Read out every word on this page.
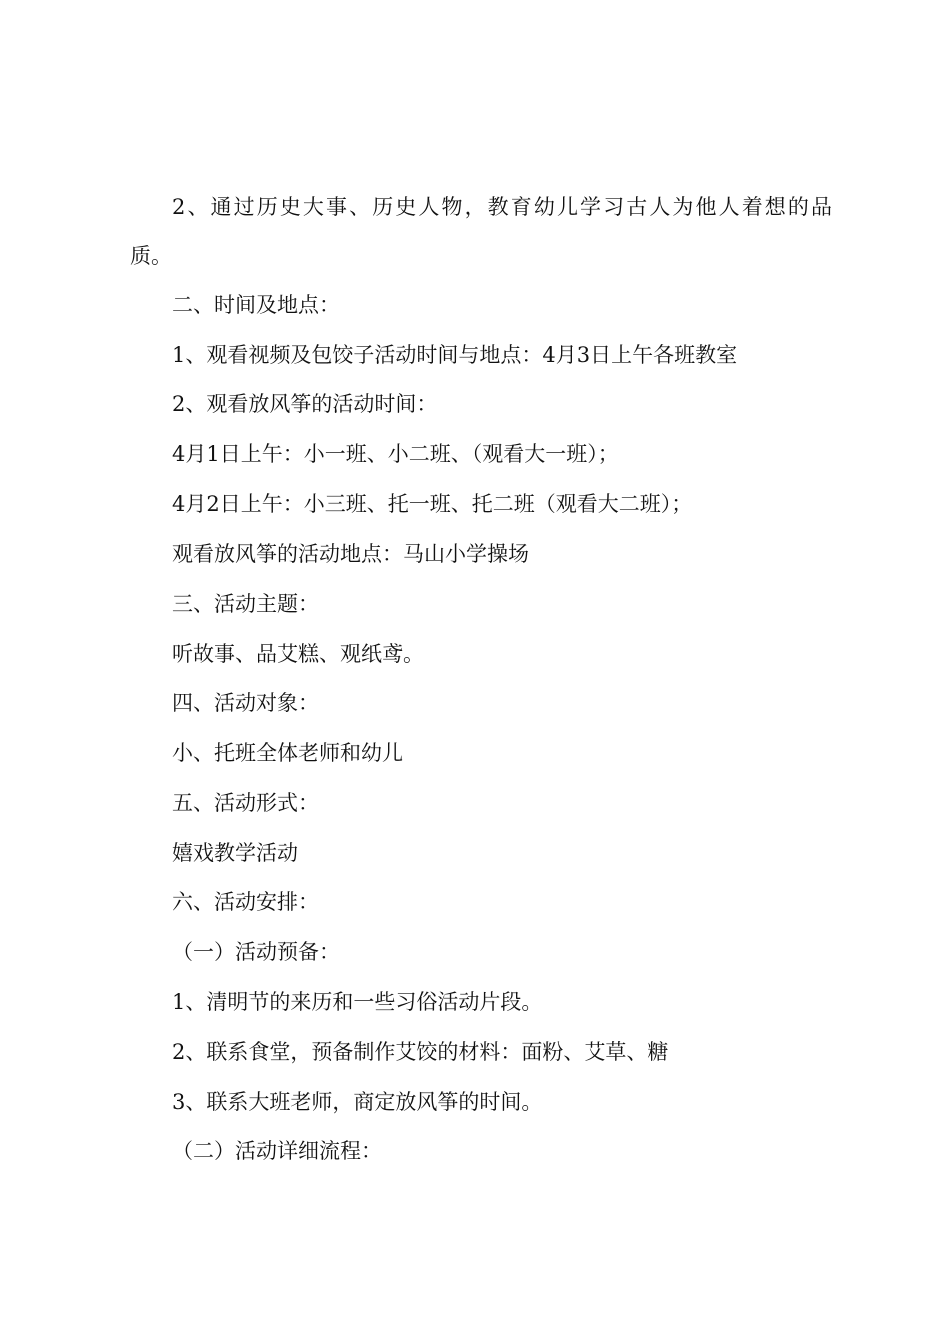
2、通过历史大事、历史人物，教育幼儿学习古人为他人着想的品
质。
二、时间及地点：
1、观看视频及包饺子活动时间与地点：4月3日上午各班教室
2、观看放风筝的活动时间：
4月1日上午：小一班、小二班、（观看大一班）；
4月2日上午：小三班、托一班、托二班（观看大二班）；
观看放风筝的活动地点：马山小学操场
三、活动主题：
听故事、品艾糕、观纸鸢。
四、活动对象：
小、托班全体老师和幼儿
五、活动形式：
嬉戏教学活动
六、活动安排：
（一）活动预备：
1、清明节的来历和一些习俗活动片段。
2、联系食堂，预备制作艾饺的材料：面粉、艾草、糖
3、联系大班老师，商定放风筝的时间。
（二）活动详细流程：
